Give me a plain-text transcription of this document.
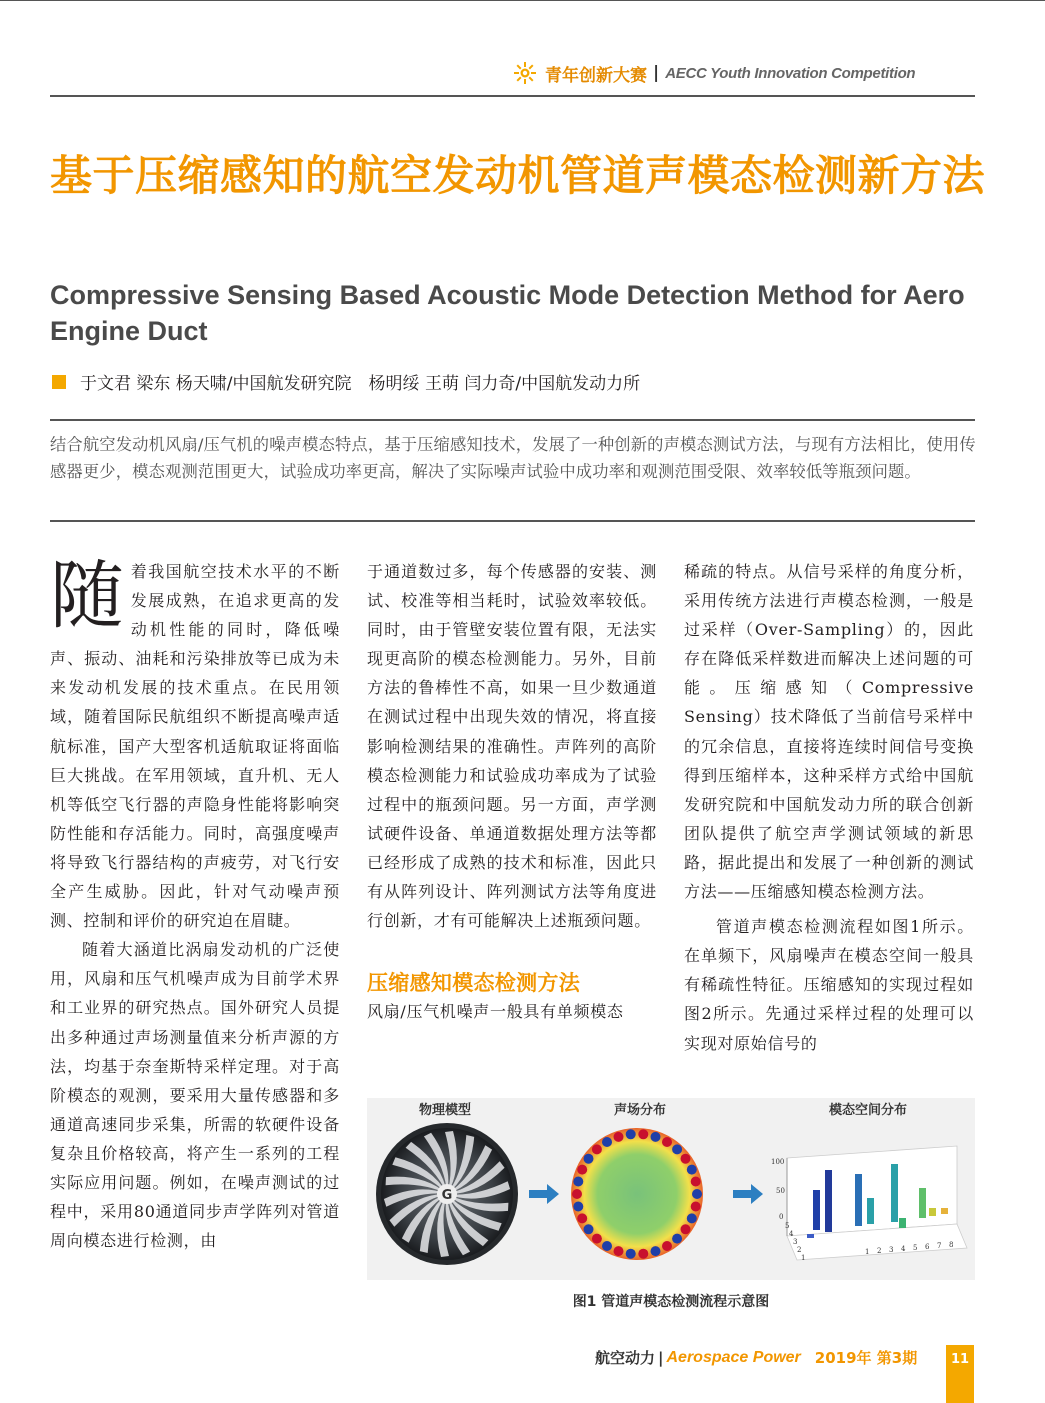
青年创新大赛 | AECC Youth Innovation Competition
基于压缩感知的航空发动机管道声模态检测新方法
Compressive Sensing Based Acoustic Mode Detection Method for Aero Engine Duct
于文君 梁东 杨天啸/中国航发研究院　杨明绥 王萌 闫力奇/中国航发动力所
结合航空发动机风扇/压气机的噪声模态特点，基于压缩感知技术，发展了一种创新的声模态测试方法，与现有方法相比，使用传感器更少，模态观测范围更大，试验成功率更高，解决了实际噪声试验中成功率和观测范围受限、效率较低等瓶颈问题。

随着我国航空技术水平的不断发展成熟，在追求更高的发动机性能的同时，降低噪声、振动、油耗和污染排放等已成为未来发动机发展的技术重点。在民用领域，随着国际民航组织不断提高噪声适航标准，国产大型客机适航取证将面临巨大挑战。在军用领域，直升机、无人机等低空飞行器的声隐身性能将影响突防性能和存活能力。同时，高强度噪声将导致飞行器结构的声疲劳，对飞行安全产生威胁。因此，针对气动噪声预测、控制和评价的研究迫在眉睫。

随着大涵道比涡扇发动机的广泛使用，风扇和压气机噪声成为目前学术界和工业界的研究热点。国外研究人员提出多种通过声场测量值来分析声源的方法，均基于奈奎斯特采样定理。对于高阶模态的观测，要采用大量传感器和多通道高速同步采集，所需的软硬件设备复杂且价格较高，将产生一系列的工程实际应用问题。例如，在噪声测试的过程中，采用80通道同步声学阵列对管道周向模态进行检测，由

于通道数过多，每个传感器的安装、测试、校准等相当耗时，试验效率较低。同时，由于管壁安装位置有限，无法实现更高阶的模态检测能力。另外，目前方法的鲁棒性不高，如果一旦少数通道在测试过程中出现失效的情况，将直接影响检测结果的准确性。声阵列的高阶模态检测能力和试验成功率成为了试验过程中的瓶颈问题。另一方面，声学测试硬件设备、单通道数据处理方法等都已经形成了成熟的技术和标准，因此只有从阵列设计、阵列测试方法等角度进行创新，才有可能解决上述瓶颈问题。

压缩感知模态检测方法

风扇/压气机噪声一般具有单频模态

稀疏的特点。从信号采样的角度分析，采用传统方法进行声模态检测，一般是过采样（Over-Sampling）的，因此存在降低采样数进而解决上述问题的可能。压缩感知（Compressive Sensing）技术降低了当前信号采样中的冗余信息，直接将连续时间信号变换得到压缩样本，这种采样方式给中国航发研究院和中国航发动力所的联合创新团队提供了航空声学测试领域的新思路，据此提出和发展了一种创新的测试方法——压缩感知模态检测方法。

管道声模态检测流程如图1所示。在单频下，风扇噪声在模态空间一般具有稀疏性特征。压缩感知的实现过程如图2所示。先通过采样过程的处理可以实现对原始信号的

物理模型	声场分布	模态空间分布
G
100
50
0
1 2 3 4 5 6 7 8
5
4
3
2
1
图1 管道声模态检测流程示意图
航空动力 | Aerospace Power 2019年 第3期	11
